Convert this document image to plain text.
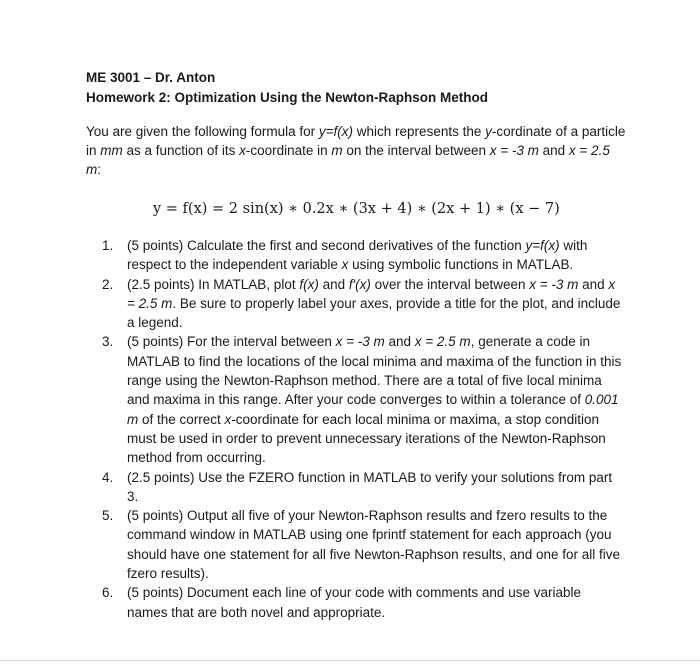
ME 3001 – Dr. Anton
Homework 2: Optimization Using the Newton-Raphson Method
You are given the following formula for y=f(x) which represents the y-cordinate of a particle in mm as a function of its x-coordinate in m on the interval between x = -3 m and x = 2.5 m:
y = f(x) = 2 sin(x) ∗ 0.2x ∗ (3x + 4) ∗ (2x + 1) ∗ (x − 7)
1. (5 points) Calculate the first and second derivatives of the function y=f(x) with respect to the independent variable x using symbolic functions in MATLAB.
2. (2.5 points) In MATLAB, plot f(x) and f′(x) over the interval between x = -3 m and x = 2.5 m. Be sure to properly label your axes, provide a title for the plot, and include a legend.
3. (5 points) For the interval between x = -3 m and x = 2.5 m, generate a code in MATLAB to find the locations of the local minima and maxima of the function in this range using the Newton-Raphson method. There are a total of five local minima and maxima in this range. After your code converges to within a tolerance of 0.001 m of the correct x-coordinate for each local minima or maxima, a stop condition must be used in order to prevent unnecessary iterations of the Newton-Raphson method from occurring.
4. (2.5 points) Use the FZERO function in MATLAB to verify your solutions from part 3.
5. (5 points) Output all five of your Newton-Raphson results and fzero results to the command window in MATLAB using one fprintf statement for each approach (you should have one statement for all five Newton-Raphson results, and one for all five fzero results).
6. (5 points) Document each line of your code with comments and use variable names that are both novel and appropriate.
